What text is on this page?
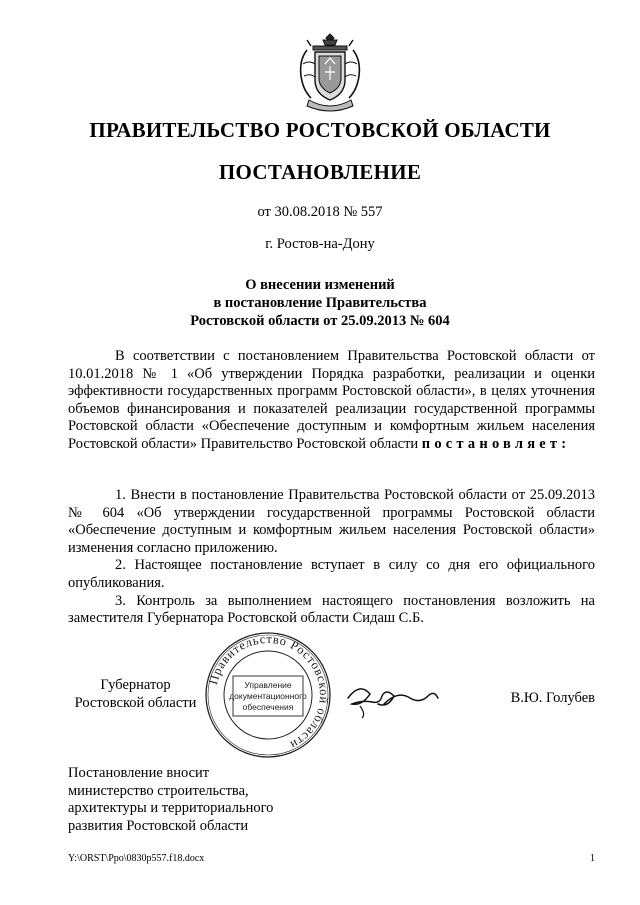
ПРАВИТЕЛЬСТВО РОСТОВСКОЙ ОБЛАСТИ
ПОСТАНОВЛЕНИЕ
от 30.08.2018 № 557
г. Ростов-на-Дону
О внесении изменений
в постановление Правительства
Ростовской области от 25.09.2013 № 604

В соответствии с постановлением Правительства Ростовской области от 10.01.2018 № 1 «Об утверждении Порядка разработки, реализации и оценки эффективности государственных программ Ростовской области», в целях уточнения объемов финансирования и показателей реализации государственной программы Ростовской области «Обеспечение доступным и комфортным жильем населения Ростовской области» Правительство Ростовской области постановляет:

1. Внести в постановление Правительства Ростовской области от 25.09.2013 № 604 «Об утверждении государственной программы Ростовской области «Обеспечение доступным и комфортным жильем населения Ростовской области» изменения согласно приложению.

2. Настоящее постановление вступает в силу со дня его официального опубликования.

3. Контроль за выполнением настоящего постановления возложить на заместителя Губернатора Ростовской области Сидаш С.Б.

Губернатор
Ростовской области
Правительство Ростовской области
Управление
документационного
обеспечения
В.Ю. Голубев
Постановление вносит
министерство строительства,
архитектуры и территориального
развития Ростовской области
Y:\ORST\Ppo\0830p557.f18.docx	1
